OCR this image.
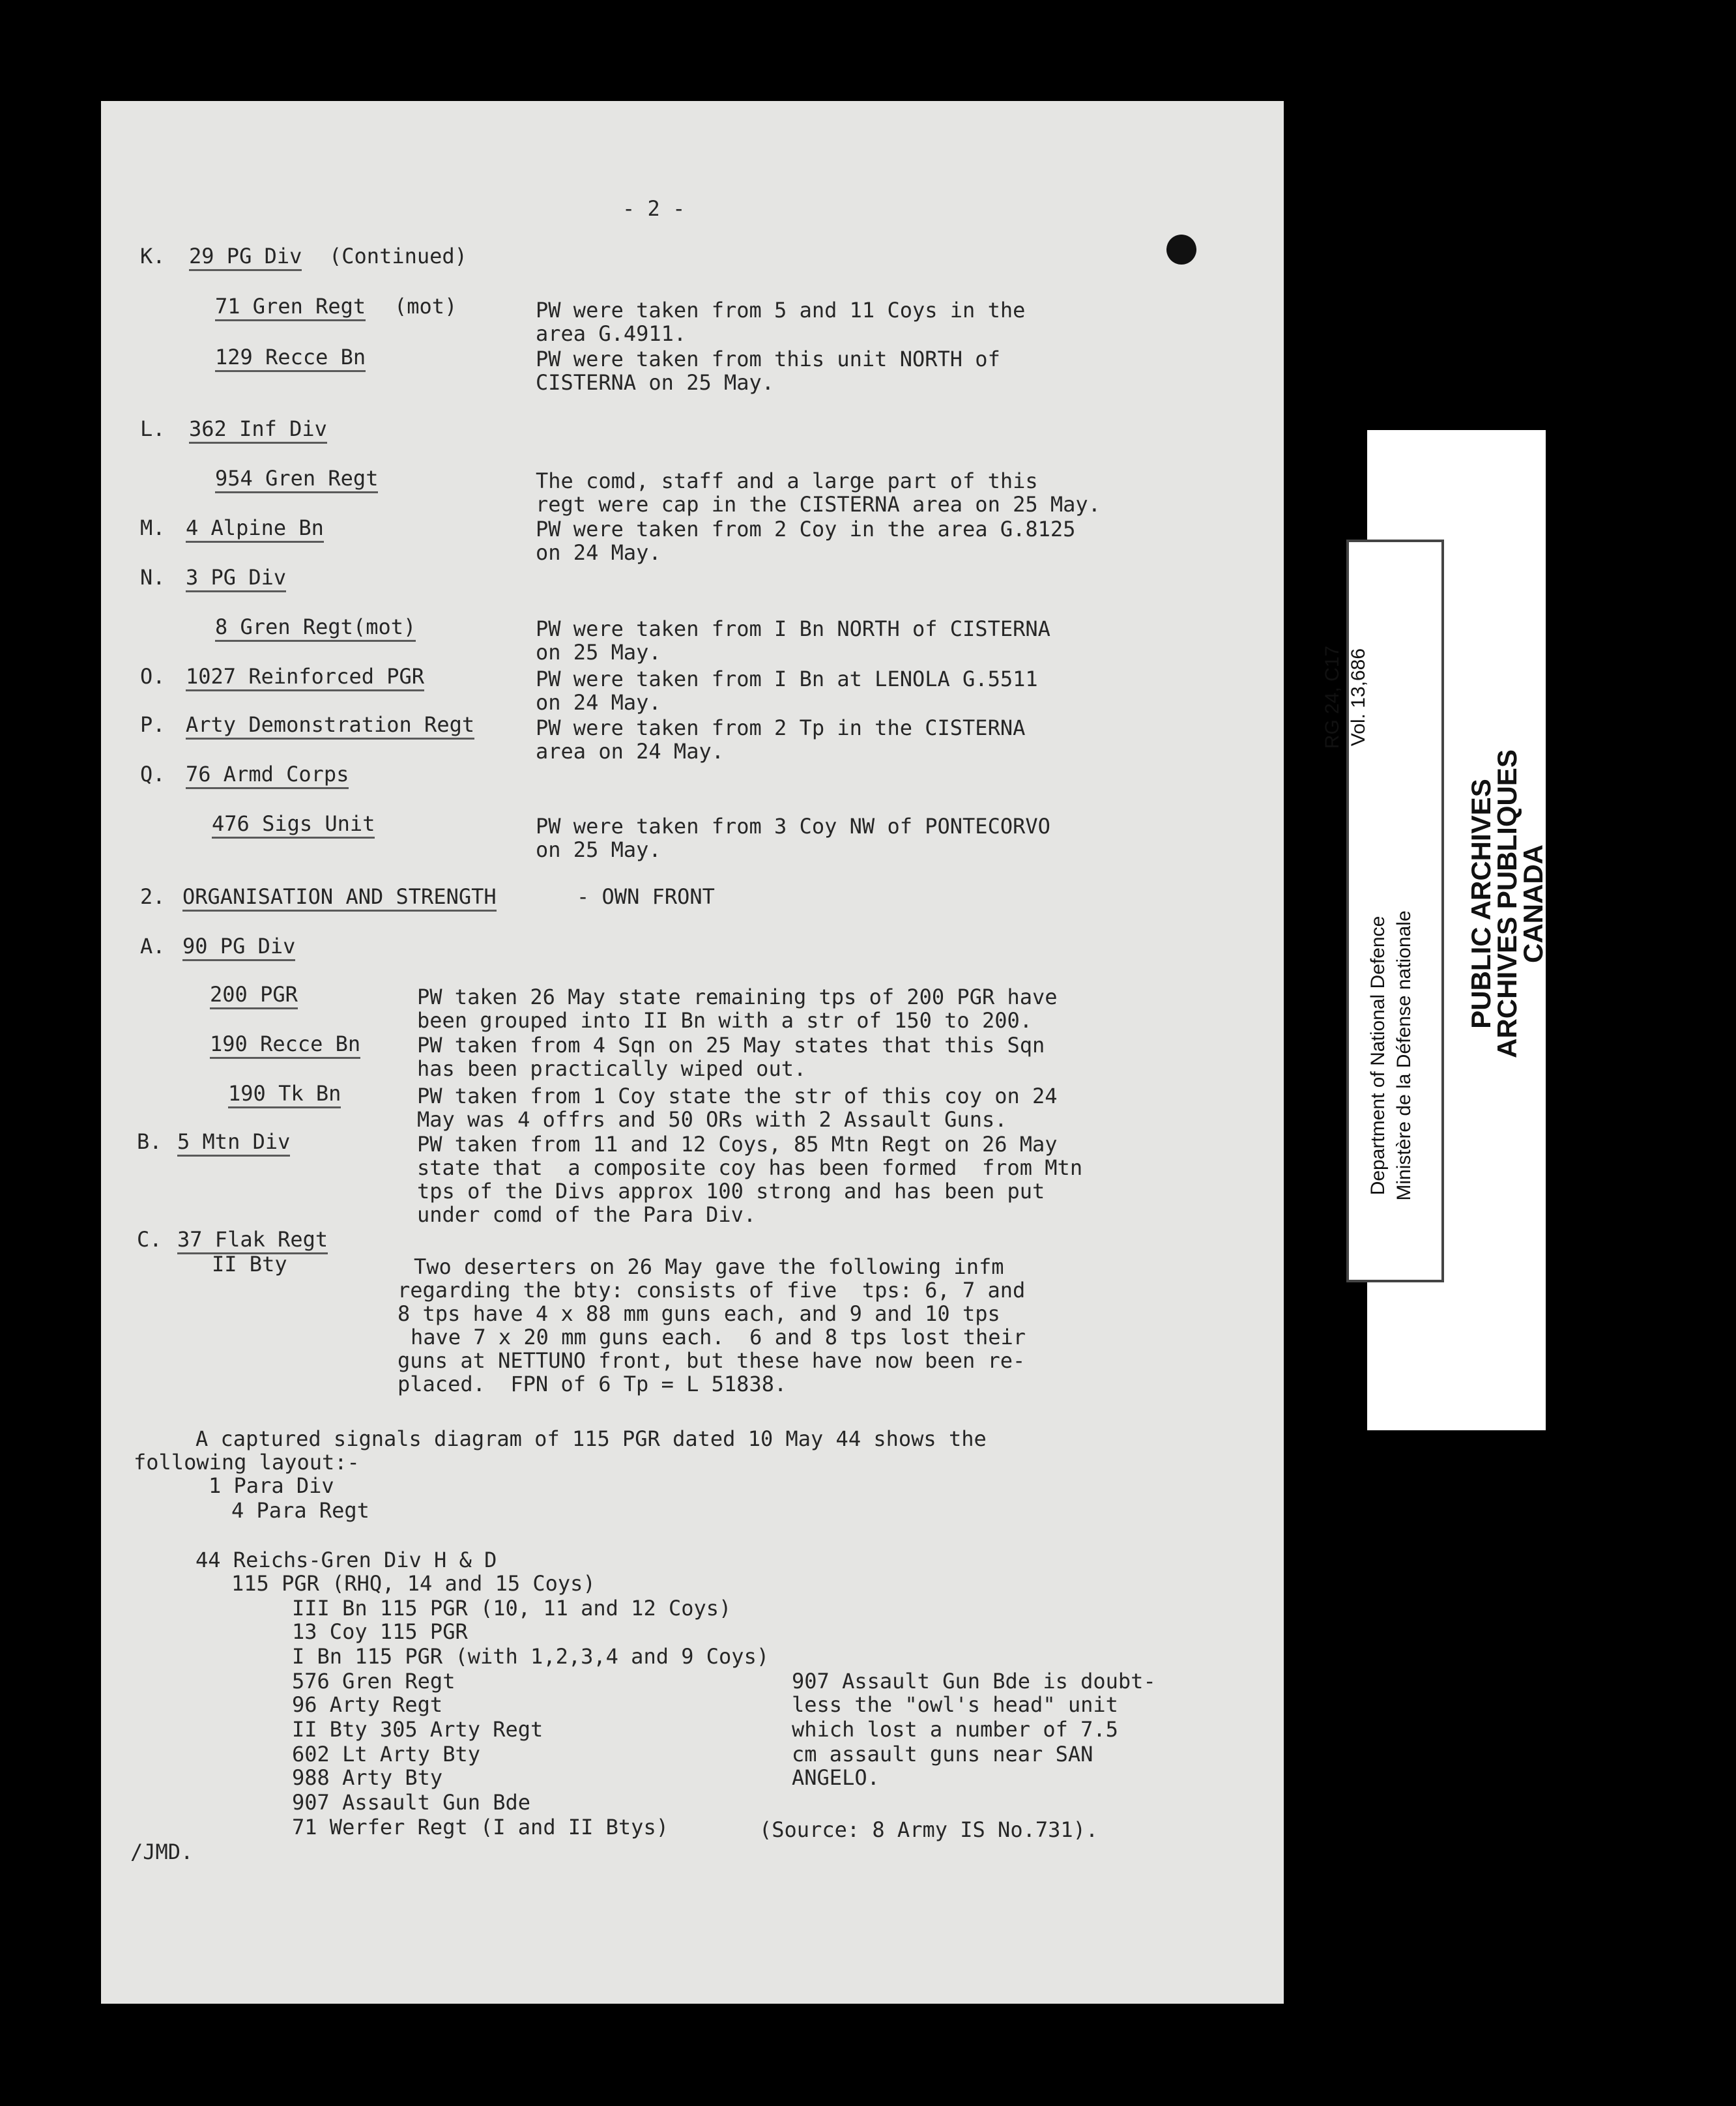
- 2 -
K. 29 PG Div (Continued)
71 Gren Regt (mot)	PW were taken from 5 and 11 Coys in the
area G.4911.
129 Recce Bn	PW were taken from this unit NORTH of
CISTERNA on 25 May.
L. 362 Inf Div
954 Gren Regt	The comd, staff and a large part of this
regt were cap in the CISTERNA area on 25 May.
M. 4 Alpine Bn	PW were taken from 2 Coy in the area G.8125
on 24 May.
N. 3 PG Div
8 Gren Regt(mot)	PW were taken from I Bn NORTH of CISTERNA
on 25 May.
O. 1027 Reinforced PGR	PW were taken from I Bn at LENOLA G.5511
on 24 May.
P. Arty Demonstration Regt	PW were taken from 2 Tp in the CISTERNA
area on 24 May.
Q. 76 Armd Corps
476 Sigs Unit	PW were taken from 3 Coy NW of PONTECORVO
on 25 May.
2. ORGANISATION AND STRENGTH	- OWN FRONT
A. 90 PG Div
200 PGR	PW taken 26 May state remaining tps of 200 PGR have
been grouped into II Bn with a str of 150 to 200.
190 Recce Bn	PW taken from 4 Sqn on 25 May states that this Sqn
has been practically wiped out.
190 Tk Bn	PW taken from 1 Coy state the str of this coy on 24
May was 4 offrs and 50 ORs with 2 Assault Guns.
B. 5 Mtn Div	PW taken from 11 and 12 Coys, 85 Mtn Regt on 26 May
state that  a composite coy has been formed  from Mtn
tps of the Divs approx 100 strong and has been put
under comd of the Para Div.
C. 37 Flak Regt
II Bty	Two deserters on 26 May gave the following infm
regarding the bty: consists of five  tps: 6, 7 and
8 tps have 4 x 88 mm guns each, and 9 and 10 tps
have 7 x 20 mm guns each.  6 and 8 tps lost their
guns at NETTUNO front, but these have now been re-
placed.  FPN of 6 Tp = L 51838.
A captured signals diagram of 115 PGR dated 10 May 44 shows the
following layout:-
1 Para Div
4 Para Regt
44 Reichs-Gren Div H & D
115 PGR (RHQ, 14 and 15 Coys)
III Bn 115 PGR (10, 11 and 12 Coys)
13 Coy 115 PGR
I Bn 115 PGR (with 1,2,3,4 and 9 Coys)
576 Gren Regt
96 Arty Regt
II Bty 305 Arty Regt
602 Lt Arty Bty
988 Arty Bty
907 Assault Gun Bde
71 Werfer Regt (I and II Btys)
907 Assault Gun Bde is doubt-
less the "owl's head" unit
which lost a number of 7.5
cm assault guns near SAN
ANGELO.
(Source: 8 Army IS No.731).
/JMD.
Department of National Defence Ministère de la Défense nationale
RG 24, C17 Vol. 13,686
PUBLIC ARCHIVES
ARCHIVES PUBLIQUES
CANADA
